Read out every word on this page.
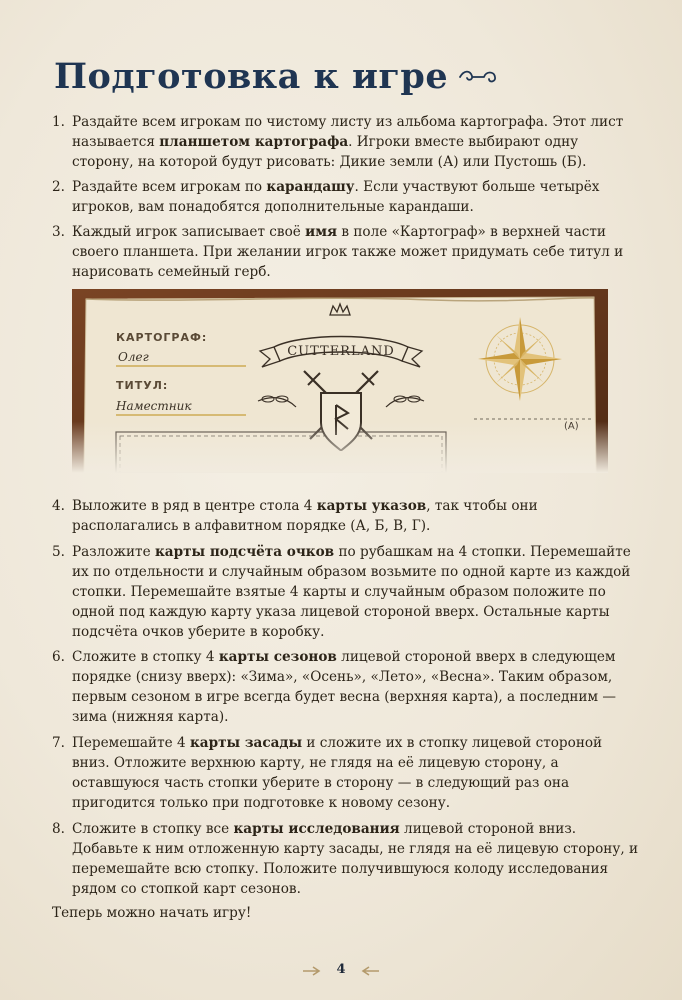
Подготовка к игре
1. Раздайте всем игрокам по чистому листу из альбома картографа. Этот лист называется планшетом картографа. Игроки вместе выбирают одну сторону, на которой будут рисовать: Дикие земли (А) или Пустошь (Б).
2. Раздайте всем игрокам по карандашу. Если участвуют больше четырёх игроков, вам понадобятся дополнительные карандаши.
3. Каждый игрок записывает своё имя в поле «Картограф» в верхней части своего планшета. При желании игрок также может придумать себе титул и нарисовать семейный герб.
4. Выложите в ряд в центре стола 4 карты указов, так чтобы они располагались в алфавитном порядке (А, Б, В, Г).
5. Разложите карты подсчёта очков по рубашкам на 4 стопки. Перемешайте их по отдельности и случайным образом возьмите по одной карте из каждой стопки. Перемешайте взятые 4 карты и случайным образом положите по одной под каждую карту указа лицевой стороной вверх. Остальные карты подсчёта очков уберите в коробку.
6. Сложите в стопку 4 карты сезонов лицевой стороной вверх в следующем порядке (снизу вверх): «Зима», «Осень», «Лето», «Весна». Таким образом, первым сезоном в игре всегда будет весна (верхняя карта), а последним — зима (нижняя карта).
7. Перемешайте 4 карты засады и сложите их в стопку лицевой стороной вниз. Отложите верхнюю карту, не глядя на её лицевую сторону, а оставшуюся часть стопки уберите в сторону — в следующий раз она пригодится только при подготовке к новому сезону.
8. Сложите в стопку все карты исследования лицевой стороной вниз. Добавьте к ним отложенную карту засады, не глядя на её лицевую сторону, и перемешайте всю стопку. Положите получившуюся колоду исследования рядом со стопкой карт сезонов.
Теперь можно начать игру!
4
